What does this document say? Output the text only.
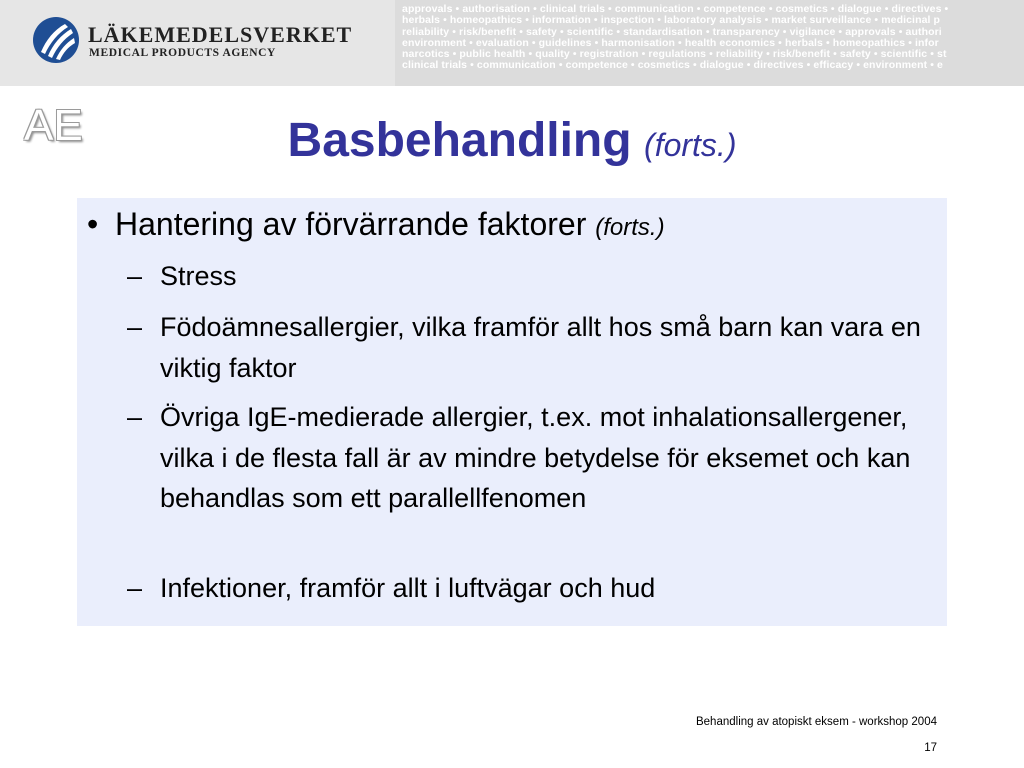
LÄKEMEDELSVERKET
MEDICAL PRODUCTS AGENCY
approvals • authorisation • clinical trials • communication • competence • cosmetics • dialogue • directives •
herbals • homeopathics • information • inspection • laboratory analysis • market surveillance • medicinal p
reliability • risk/benefit • safety • scientific • standardisation • transparency • vigilance • approvals • authori
environment • evaluation • guidelines • harmonisation • health economics • herbals • homeopathics • infor
narcotics • public health • quality • registration • regulations • reliability • risk/benefit • safety • scientific • st
clinical trials • communication • competence • cosmetics • dialogue • directives • efficacy • environment • e
AE	Basbehandling (forts.)
• Hantering av förvärrande faktorer (forts.)
– Stress
– Födoämnesallergier, vilka framför allt hos små barn kan vara en viktig faktor
– Övriga IgE-medierade allergier, t.ex. mot inhalationsallergener, vilka i de flesta fall är av mindre betydelse för eksemet och kan behandlas som ett parallellfenomen
– Infektioner, framför allt i luftvägar och hud
Behandling av atopiskt eksem - workshop 2004
17
